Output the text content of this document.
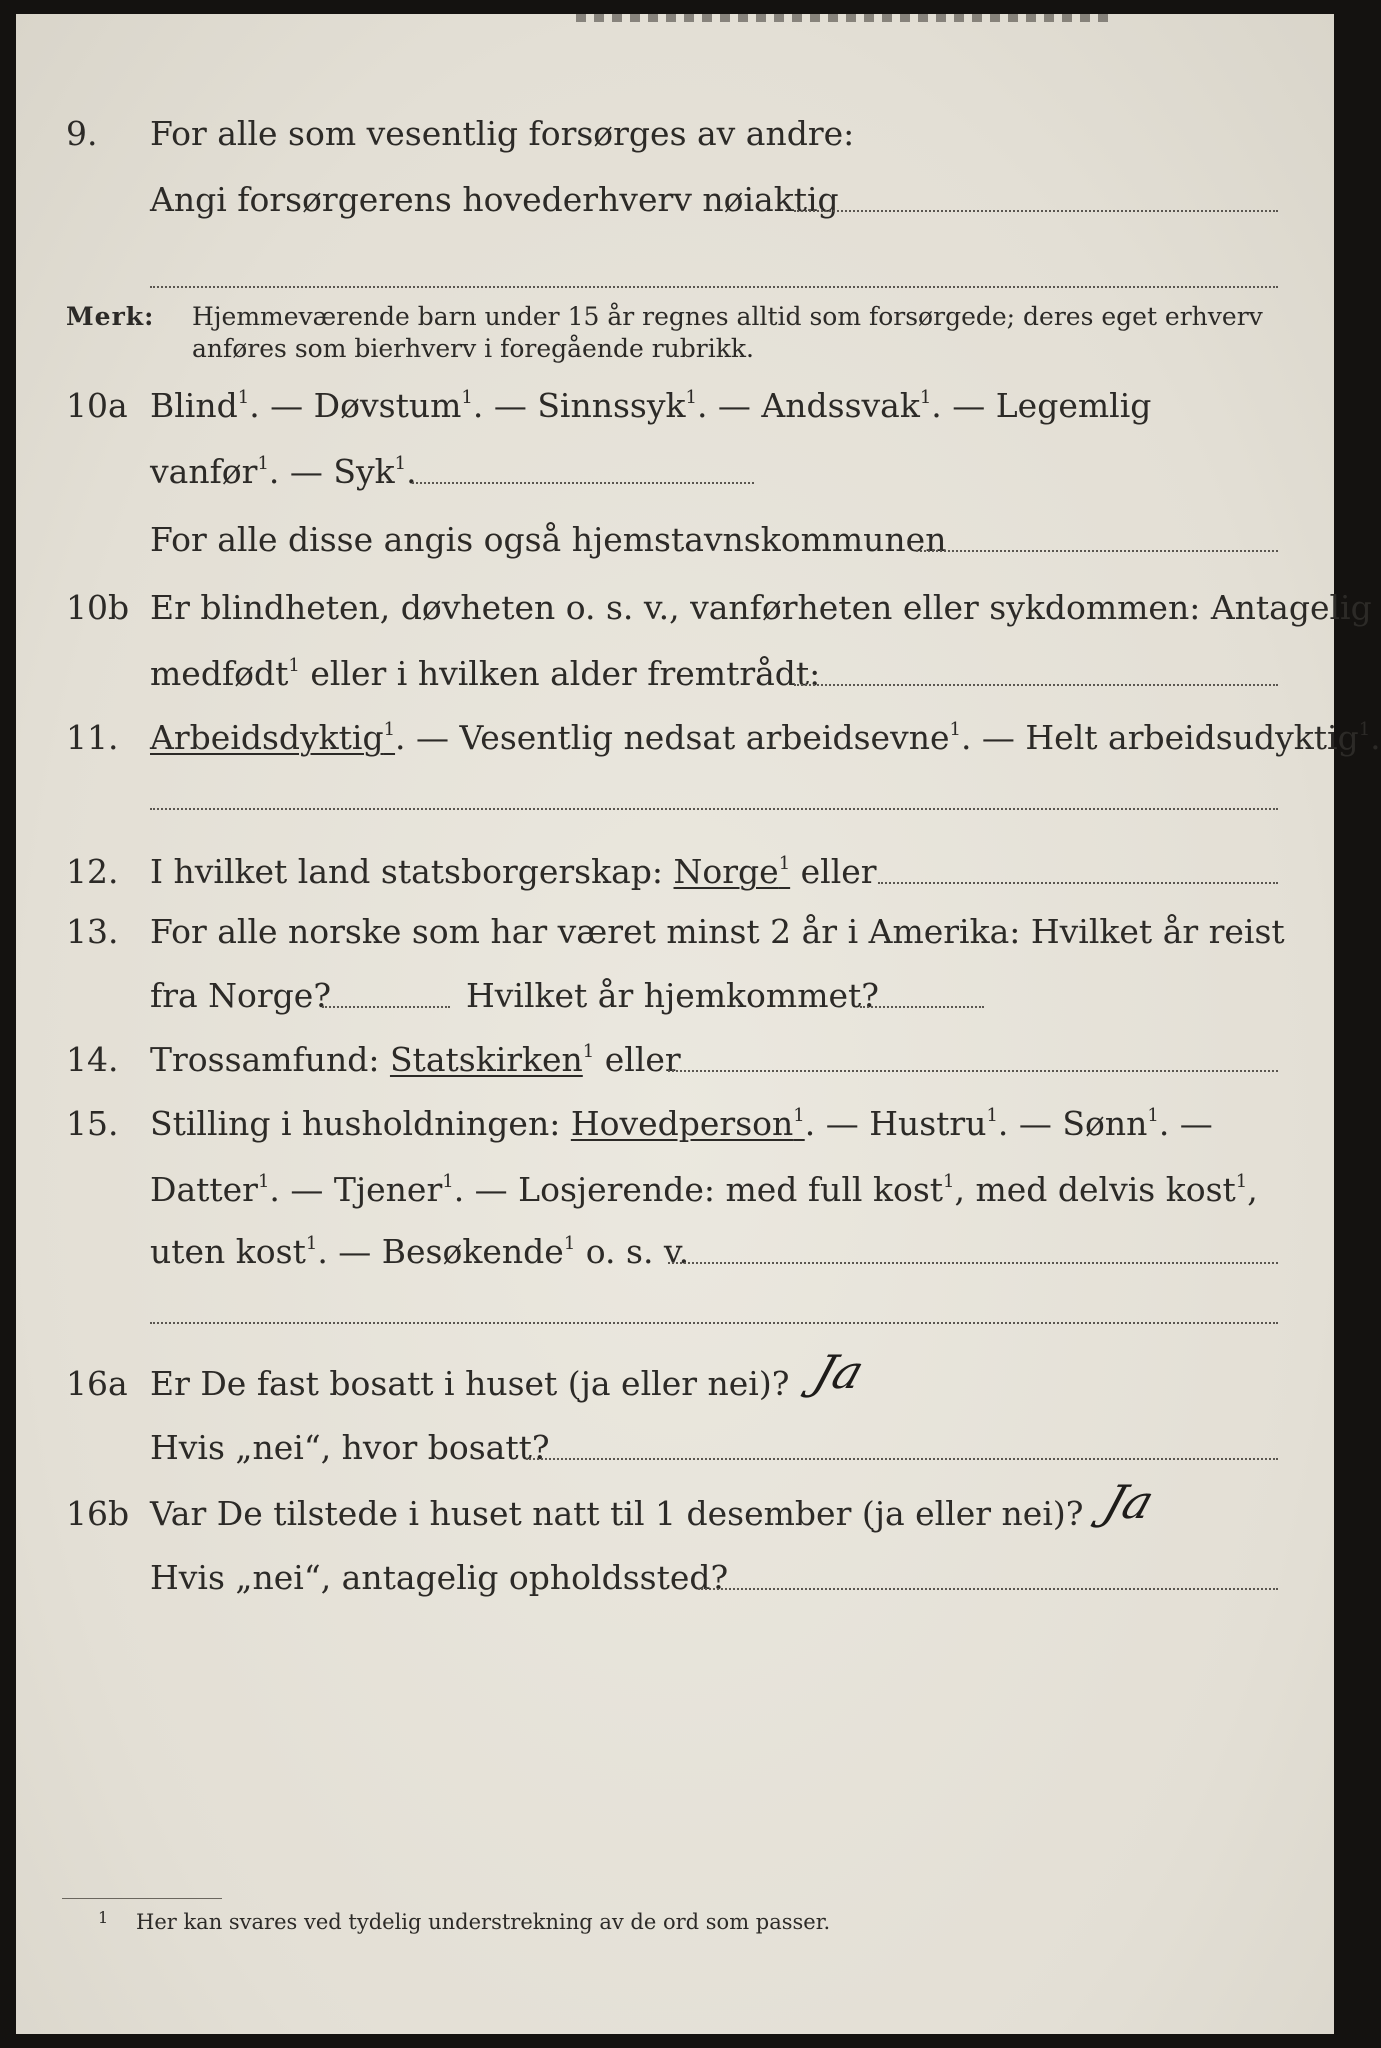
9. For alle som vesentlig forsørges av andre:
Angi forsørgerens hovederhverv nøiaktig
Merk: Hjemmeværende barn under 15 år regnes alltid som forsørgede; deres eget erhverv
anføres som bierhverv i foregående rubrikk.
10a Blind$^1$. — Døvstum$^1$. — Sinnssyk$^1$. — Andssvak$^1$. — Legemlig
vanfør$^1$. — Syk$^1$.
For alle disse angis også hjemstavnskommunen
10b Er blindheten, døvheten o. s. v., vanførheten eller sykdommen: Antagelig
medfødt$^1$ eller i hvilken alder fremtrådt:
11. Arbeidsdyktig$^1$. — Vesentlig nedsat arbeidsevne$^1$. — Helt arbeidsudyktig$^1$.
12. I hvilket land statsborgerskap: Norge$^1$ eller
13. For alle norske som har været minst 2 år i Amerika: Hvilket år reist
fra Norge?	Hvilket år hjemkommet?
14. Trossamfund: Statskirken$^1$ eller
15. Stilling i husholdningen: Hovedperson$^1$. — Hustru$^1$. — Sønn$^1$. —
Datter$^1$. — Tjener$^1$. — Losjerende: med full kost$^1$, med delvis kost$^1$,
uten kost$^1$. — Besøkende$^1$ o. s. v.
16a Er De fast bosatt i huset (ja eller nei)? Ja
Hvis „nei“, hvor bosatt?
16b Var De tilstede i huset natt til 1 desember (ja eller nei)? Ja
Hvis „nei“, antagelig opholdssted?
1 Her kan svares ved tydelig understrekning av de ord som passer.
